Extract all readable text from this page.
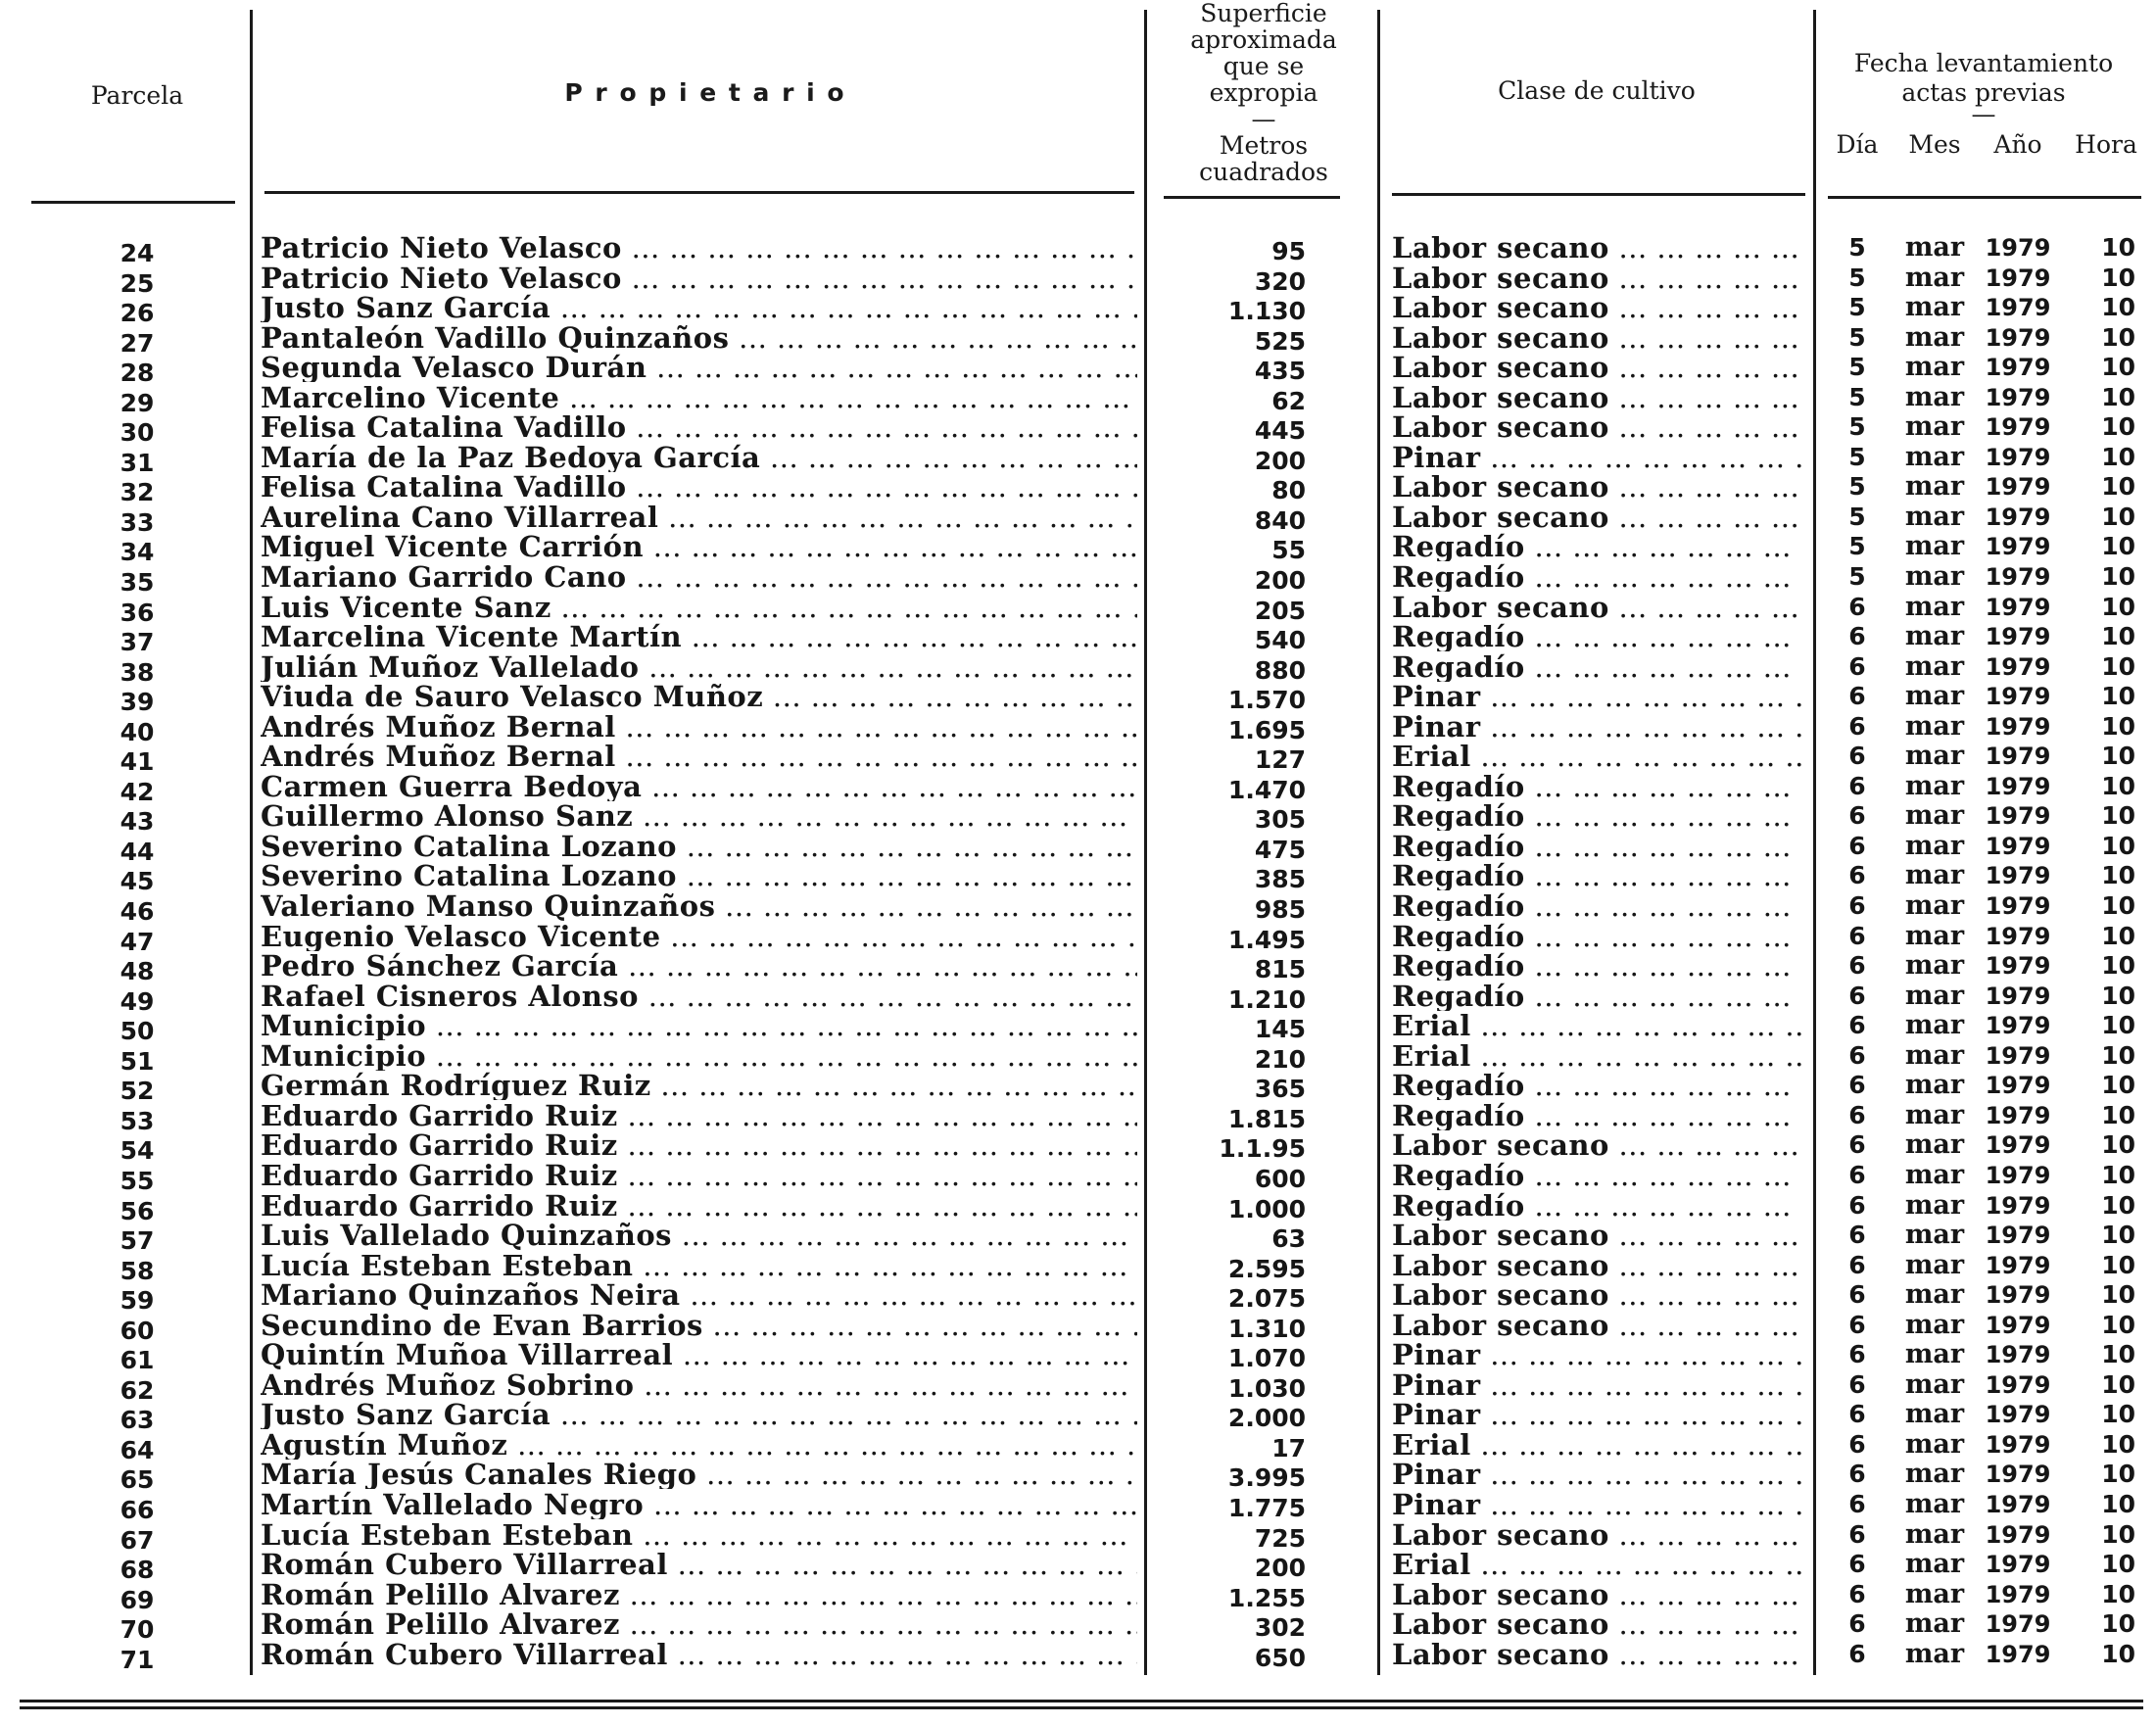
Parcela	P r o p i e t a r i o
Superficie
aproximada
que se
expropia
—
Metros
cuadrados
Clase de cultivo
Fecha levantamiento
actas previas
—
Día	Mes	Año	Hora
24	Patricio Nieto Velasco ... .	95	Labor secano ... .	5	mar 1979	10
25	Patricio Nieto Velasco ... .	320	Labor secano ... .	5	mar 1979	10
26	Justo Sanz García ... .	1.130	Labor secano ... .	5	mar 1979	10
27	Pantaleón Vadillo Quinzaños ... .	525	Labor secano ... .	5	mar 1979	10
28	Segunda Velasco Durán ... .	435	Labor secano ... .	5	mar 1979	10
29	Marcelino Vicente ... .	62	Labor secano ... .	5	mar 1979	10
30	Felisa Catalina Vadillo ... .	445	Labor secano ... .	5	mar 1979	10
31	María de la Paz Bedoya García ... .	200	Pinar ... .	5	mar 1979	10
32	Felisa Catalina Vadillo ... .	80	Labor secano ... .	5	mar 1979	10
33	Aurelina Cano Villarreal ... .	840	Labor secano ... .	5	mar 1979	10
34	Miguel Vicente Carrión ... .	55	Regadío ... .	5	mar 1979	10
35	Mariano Garrido Cano ... .	200	Regadío ... .	5	mar 1979	10
36	Luis Vicente Sanz ... .	205	Labor secano ... .	6	mar 1979	10
37	Marcelina Vicente Martín ... .	540	Regadío ... .	6	mar 1979	10
38	Julián Muñoz Vallelado ... .	880	Regadío ... .	6	mar 1979	10
39	Viuda de Sauro Velasco Muñoz ... .	1.570	Pinar ... .	6	mar 1979	10
40	Andrés Muñoz Bernal ... .	1.695	Pinar ... .	6	mar 1979	10
41	Andrés Muñoz Bernal ... .	127	Erial ... .	6	mar 1979	10
42	Carmen Guerra Bedoya ... .	1.470	Regadío ... .	6	mar 1979	10
43	Guillermo Alonso Sanz ... .	305	Regadío ... .	6	mar 1979	10
44	Severino Catalina Lozano ... .	475	Regadío ... .	6	mar 1979	10
45	Severino Catalina Lozano ... .	385	Regadío ... .	6	mar 1979	10
46	Valeriano Manso Quinzaños ... .	985	Regadío ... .	6	mar 1979	10
47	Eugenio Velasco Vicente ... .	1.495	Regadío ... .	6	mar 1979	10
48	Pedro Sánchez García ... .	815	Regadío ... .	6	mar 1979	10
49	Rafael Cisneros Alonso ... .	1.210	Regadío ... .	6	mar 1979	10
50	Municipio ... .	145	Erial ... .	6	mar 1979	10
51	Municipio ... .	210	Erial ... .	6	mar 1979	10
52	Germán Rodríguez Ruiz ... .	365	Regadío ... .	6	mar 1979	10
53	Eduardo Garrido Ruiz ... .	1.815	Regadío ... .	6	mar 1979	10
54	Eduardo Garrido Ruiz ... .	1.1.95	Labor secano ... .	6	mar 1979	10
55	Eduardo Garrido Ruiz ... .	600	Regadío ... .	6	mar 1979	10
56	Eduardo Garrido Ruiz ... .	1.000	Regadío ... .	6	mar 1979	10
57	Luis Vallelado Quinzaños ... .	63	Labor secano ... .	6	mar 1979	10
58	Lucía Esteban Esteban ... .	2.595	Labor secano ... .	6	mar 1979	10
59	Mariano Quinzaños Neira ... .	2.075	Labor secano ... .	6	mar 1979	10
60	Secundino de Evan Barrios ... .	1.310	Labor secano ... .	6	mar 1979	10
61	Quintín Muñoa Villarreal ... .	1.070	Pinar ... .	6	mar 1979	10
62	Andrés Muñoz Sobrino ... .	1.030	Pinar ... .	6	mar 1979	10
63	Justo Sanz García ... .	2.000	Pinar ... .	6	mar 1979	10
64	Agustín Muñoz ... .	17	Erial ... .	6	mar 1979	10
65	María Jesús Canales Riego ... .	3.995	Pinar ... .	6	mar 1979	10
66	Martín Vallelado Negro ... .	1.775	Pinar ... .	6	mar 1979	10
67	Lucía Esteban Esteban ... .	725	Labor secano ... .	6	mar 1979	10
68	Román Cubero Villarreal ... .	200	Erial ... .	6	mar 1979	10
69	Román Pelillo Alvarez ... .	1.255	Labor secano ... .	6	mar 1979	10
70	Román Pelillo Alvarez ... .	302	Labor secano ... .	6	mar 1979	10
71	Román Cubero Villarreal ... .	650	Labor secano ... .	6	mar 1979	10
